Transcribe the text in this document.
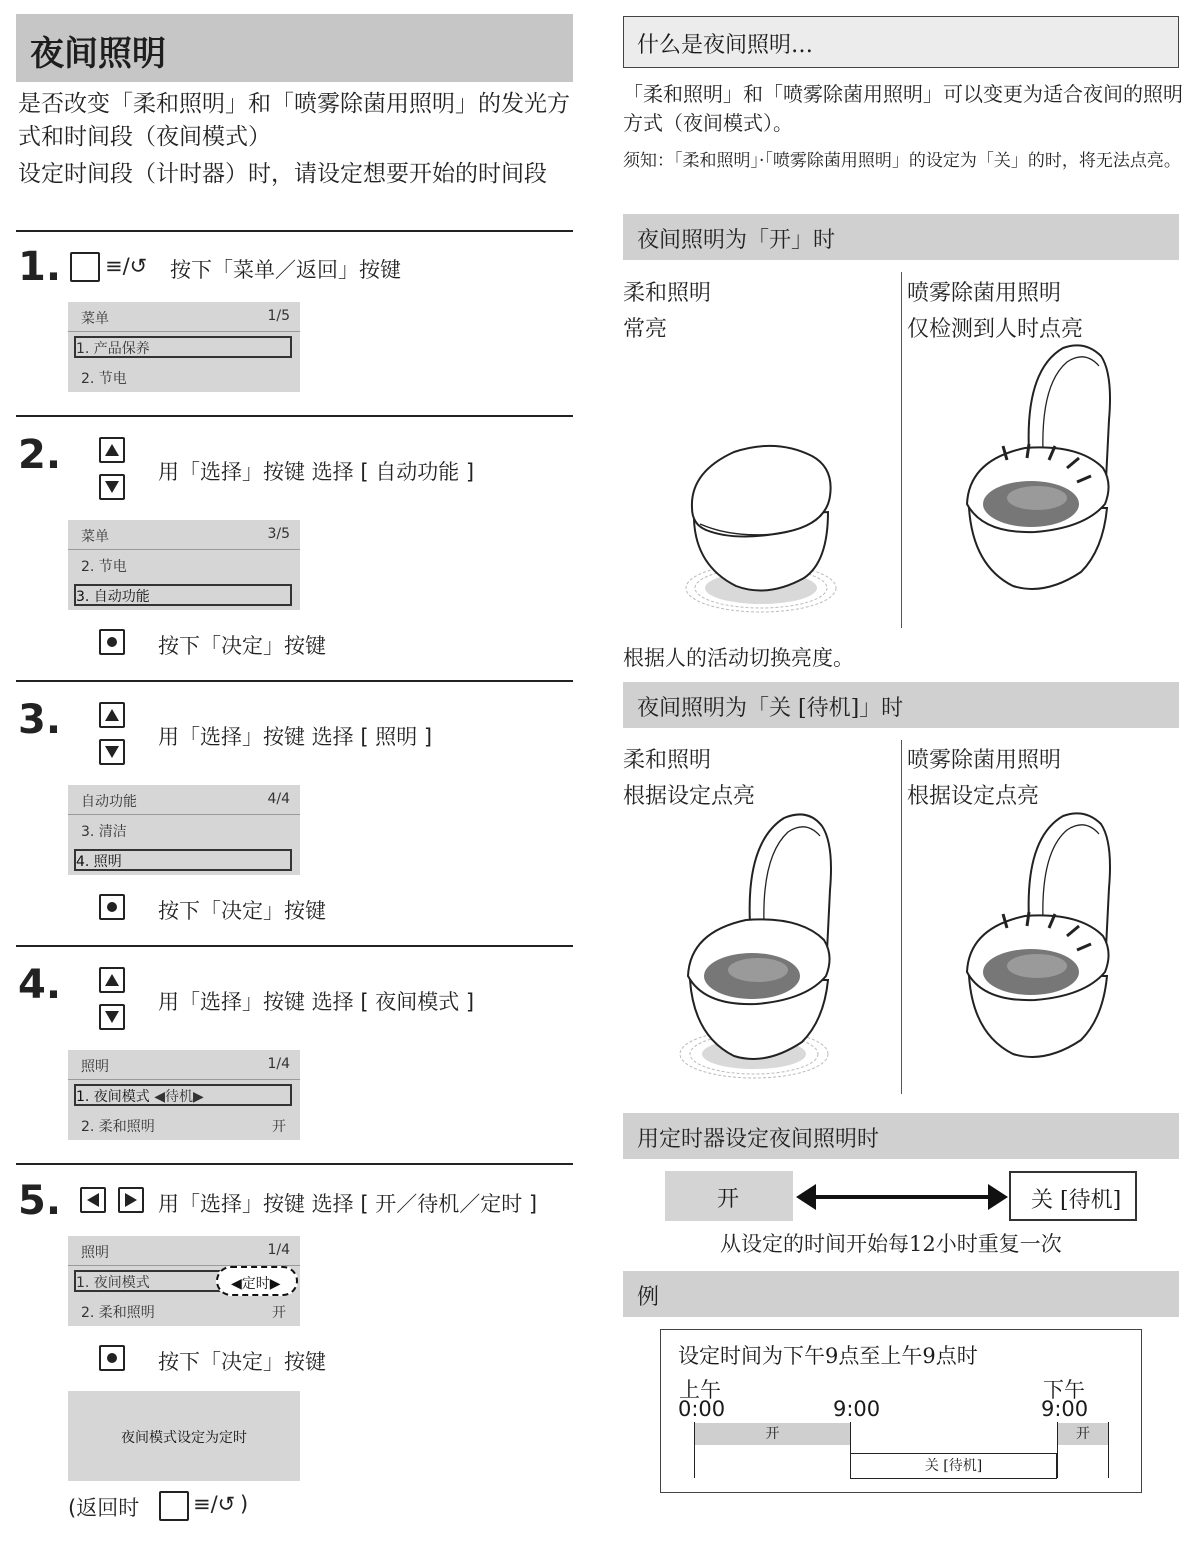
夜间照明
是否改变「柔和照明」和「喷雾除菌用照明」的发光方式和时间段（夜间模式）
设定时间段（计时器）时，请设定想要开始的时间段
1. ≡/↺ 按下「菜单／返回」按键
菜单	1/5
1. 产品保养
2. 节电
2.	用「选择」按键 选择 [ 自动功能 ]
菜单	3/5
2. 节电
3. 自动功能
按下「决定」按键
3.	用「选择」按键 选择 [ 照明 ]
自动功能	4/4
3. 清洁
4. 照明
按下「决定」按键
4.	用「选择」按键 选择 [ 夜间模式 ]
照明	1/4
1. 夜间模式 ◀待机▶
2. 柔和照明	开
5.	用「选择」按键 选择 [ 开／待机／定时 ]
照明	1/4
1. 夜间模式	◀定时▶
2. 柔和照明	开
按下「决定」按键
夜间模式设定为定时
(返回时	≡/↺ )
什么是夜间照明…
「柔和照明」和「喷雾除菌用照明」可以变更为适合夜间的照明方式（夜间模式）。
须知：「柔和照明」·「喷雾除菌用照明」的设定为「关」的时，将无法点亮。
夜间照明为「开」时
柔和照明
常亮
喷雾除菌用照明
仅检测到人时点亮
根据人的活动切换亮度。
夜间照明为「关 [待机]」时
柔和照明
根据设定点亮
喷雾除菌用照明
根据设定点亮
用定时器设定夜间照明时
开	关 [待机]
从设定的时间开始每12小时重复一次
例
设定时间为下午9点至上午9点时
上午
0:00	9:00
下午
9:00
开
关 [待机]
开
